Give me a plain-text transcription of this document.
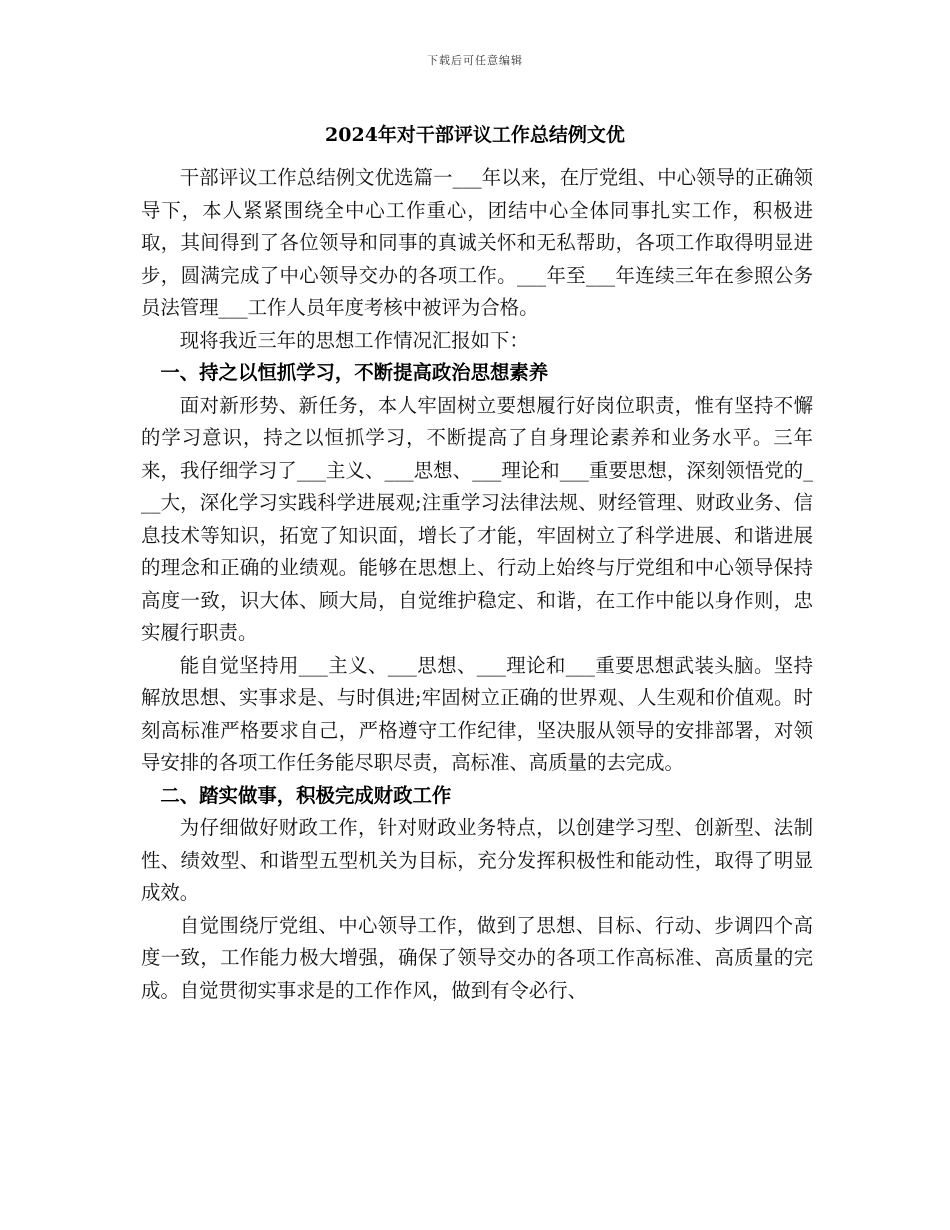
下载后可任意编辑
2024年对干部评议工作总结例文优

干部评议工作总结例文优选篇一___年以来，在厅党组、中心领导的正确领导下，本人紧紧围绕全中心工作重心，团结中心全体同事扎实工作，积极进取，其间得到了各位领导和同事的真诚关怀和无私帮助，各项工作取得明显进步，圆满完成了中心领导交办的各项工作。___年至___年连续三年在参照公务员法管理___工作人员年度考核中被评为合格。

现将我近三年的思想工作情况汇报如下：

一、持之以恒抓学习，不断提高政治思想素养

面对新形势、新任务，本人牢固树立要想履行好岗位职责，惟有坚持不懈的学习意识，持之以恒抓学习，不断提高了自身理论素养和业务水平。三年来，我仔细学习了___主义、___思想、___理论和___重要思想，深刻领悟党的___大，深化学习实践科学进展观;注重学习法律法规、财经管理、财政业务、信息技术等知识，拓宽了知识面，增长了才能，牢固树立了科学进展、和谐进展的理念和正确的业绩观。能够在思想上、行动上始终与厅党组和中心领导保持高度一致，识大体、顾大局，自觉维护稳定、和谐，在工作中能以身作则，忠实履行职责。

能自觉坚持用___主义、___思想、___理论和___重要思想武装头脑。坚持解放思想、实事求是、与时俱进;牢固树立正确的世界观、人生观和价值观。时刻高标准严格要求自己，严格遵守工作纪律，坚决服从领导的安排部署，对领导安排的各项工作任务能尽职尽责，高标准、高质量的去完成。

二、踏实做事，积极完成财政工作

为仔细做好财政工作，针对财政业务特点，以创建学习型、创新型、法制性、绩效型、和谐型五型机关为目标，充分发挥积极性和能动性，取得了明显成效。

自觉围绕厅党组、中心领导工作，做到了思想、目标、行动、步调四个高度一致，工作能力极大增强，确保了领导交办的各项工作高标准、高质量的完成。自觉贯彻实事求是的工作作风，做到有令必行、
